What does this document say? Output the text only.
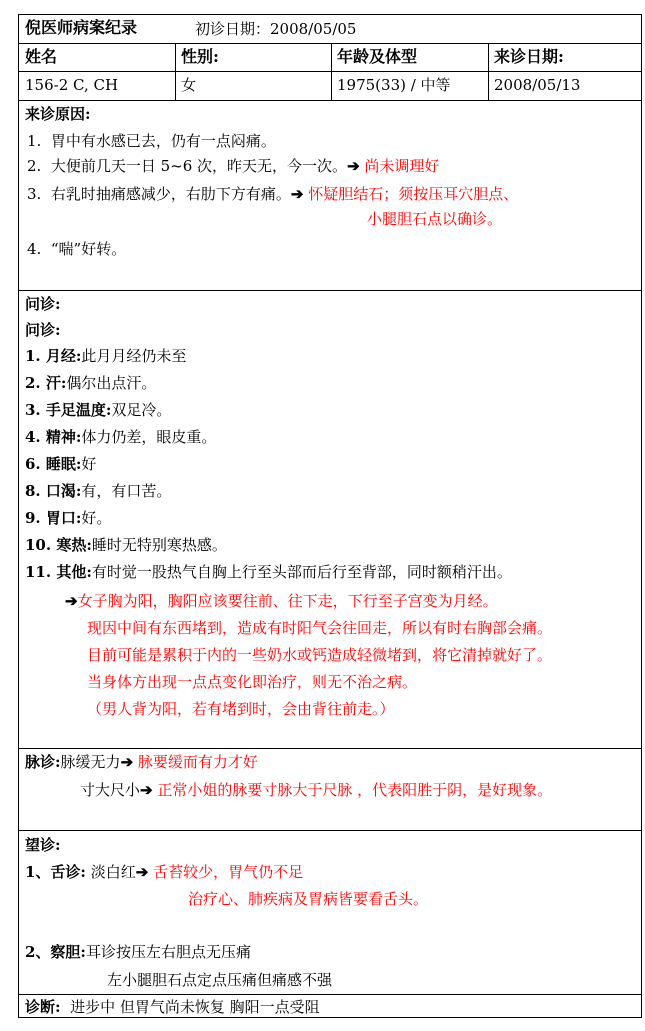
倪医师病案纪录	初诊日期：2008/05/05
姓名	性别:	年龄及体型	来诊日期:
156-2 C, CH	女	1975(33) / 中等	2008/05/13
来诊原因:
1. 胃中有水感已去，仍有一点闷痛。
2. 大便前几天一日 5~6 次，昨天无，今一次。➔ 尚未调理好
3. 右乳时抽痛感减少，右肋下方有痛。➔ 怀疑胆结石；须按压耳穴胆点、
小腿胆石点以确诊。
4. “喘”好转。
问诊:
问诊:
1. 月经:此月月经仍未至
2. 汗:偶尔出点汗。
3. 手足温度:双足冷。
4. 精神:体力仍差，眼皮重。
6. 睡眠:好
8. 口渴:有，有口苦。
9. 胃口:好。
10. 寒热:睡时无特别寒热感。
11. 其他:有时觉一股热气自胸上行至头部而后行至背部，同时额稍汗出。
➔女子胸为阳，胸阳应该要往前、往下走，下行至子宫变为月经。
现因中间有东西堵到，造成有时阳气会往回走，所以有时右胸部会痛。
目前可能是累积于内的一些奶水或钙造成轻微堵到，将它清掉就好了。
当身体方出现一点点变化即治疗，则无不治之病。
（男人背为阳，若有堵到时，会由背往前走。）
脉诊:脉缓无力➔ 脉要缓而有力才好
寸大尺小➔ 正常小姐的脉要寸脉大于尺脉 ，代表阳胜于阴，是好现象。
望诊:
1、舌诊: 淡白红➔ 舌苔较少，胃气仍不足
治疗心、肺疾病及胃病皆要看舌头。
2、察胆:耳诊按压左右胆点无压痛
左小腿胆石点定点压痛但痛感不强
诊断: 进步中 但胃气尚未恢复 胸阳一点受阻
